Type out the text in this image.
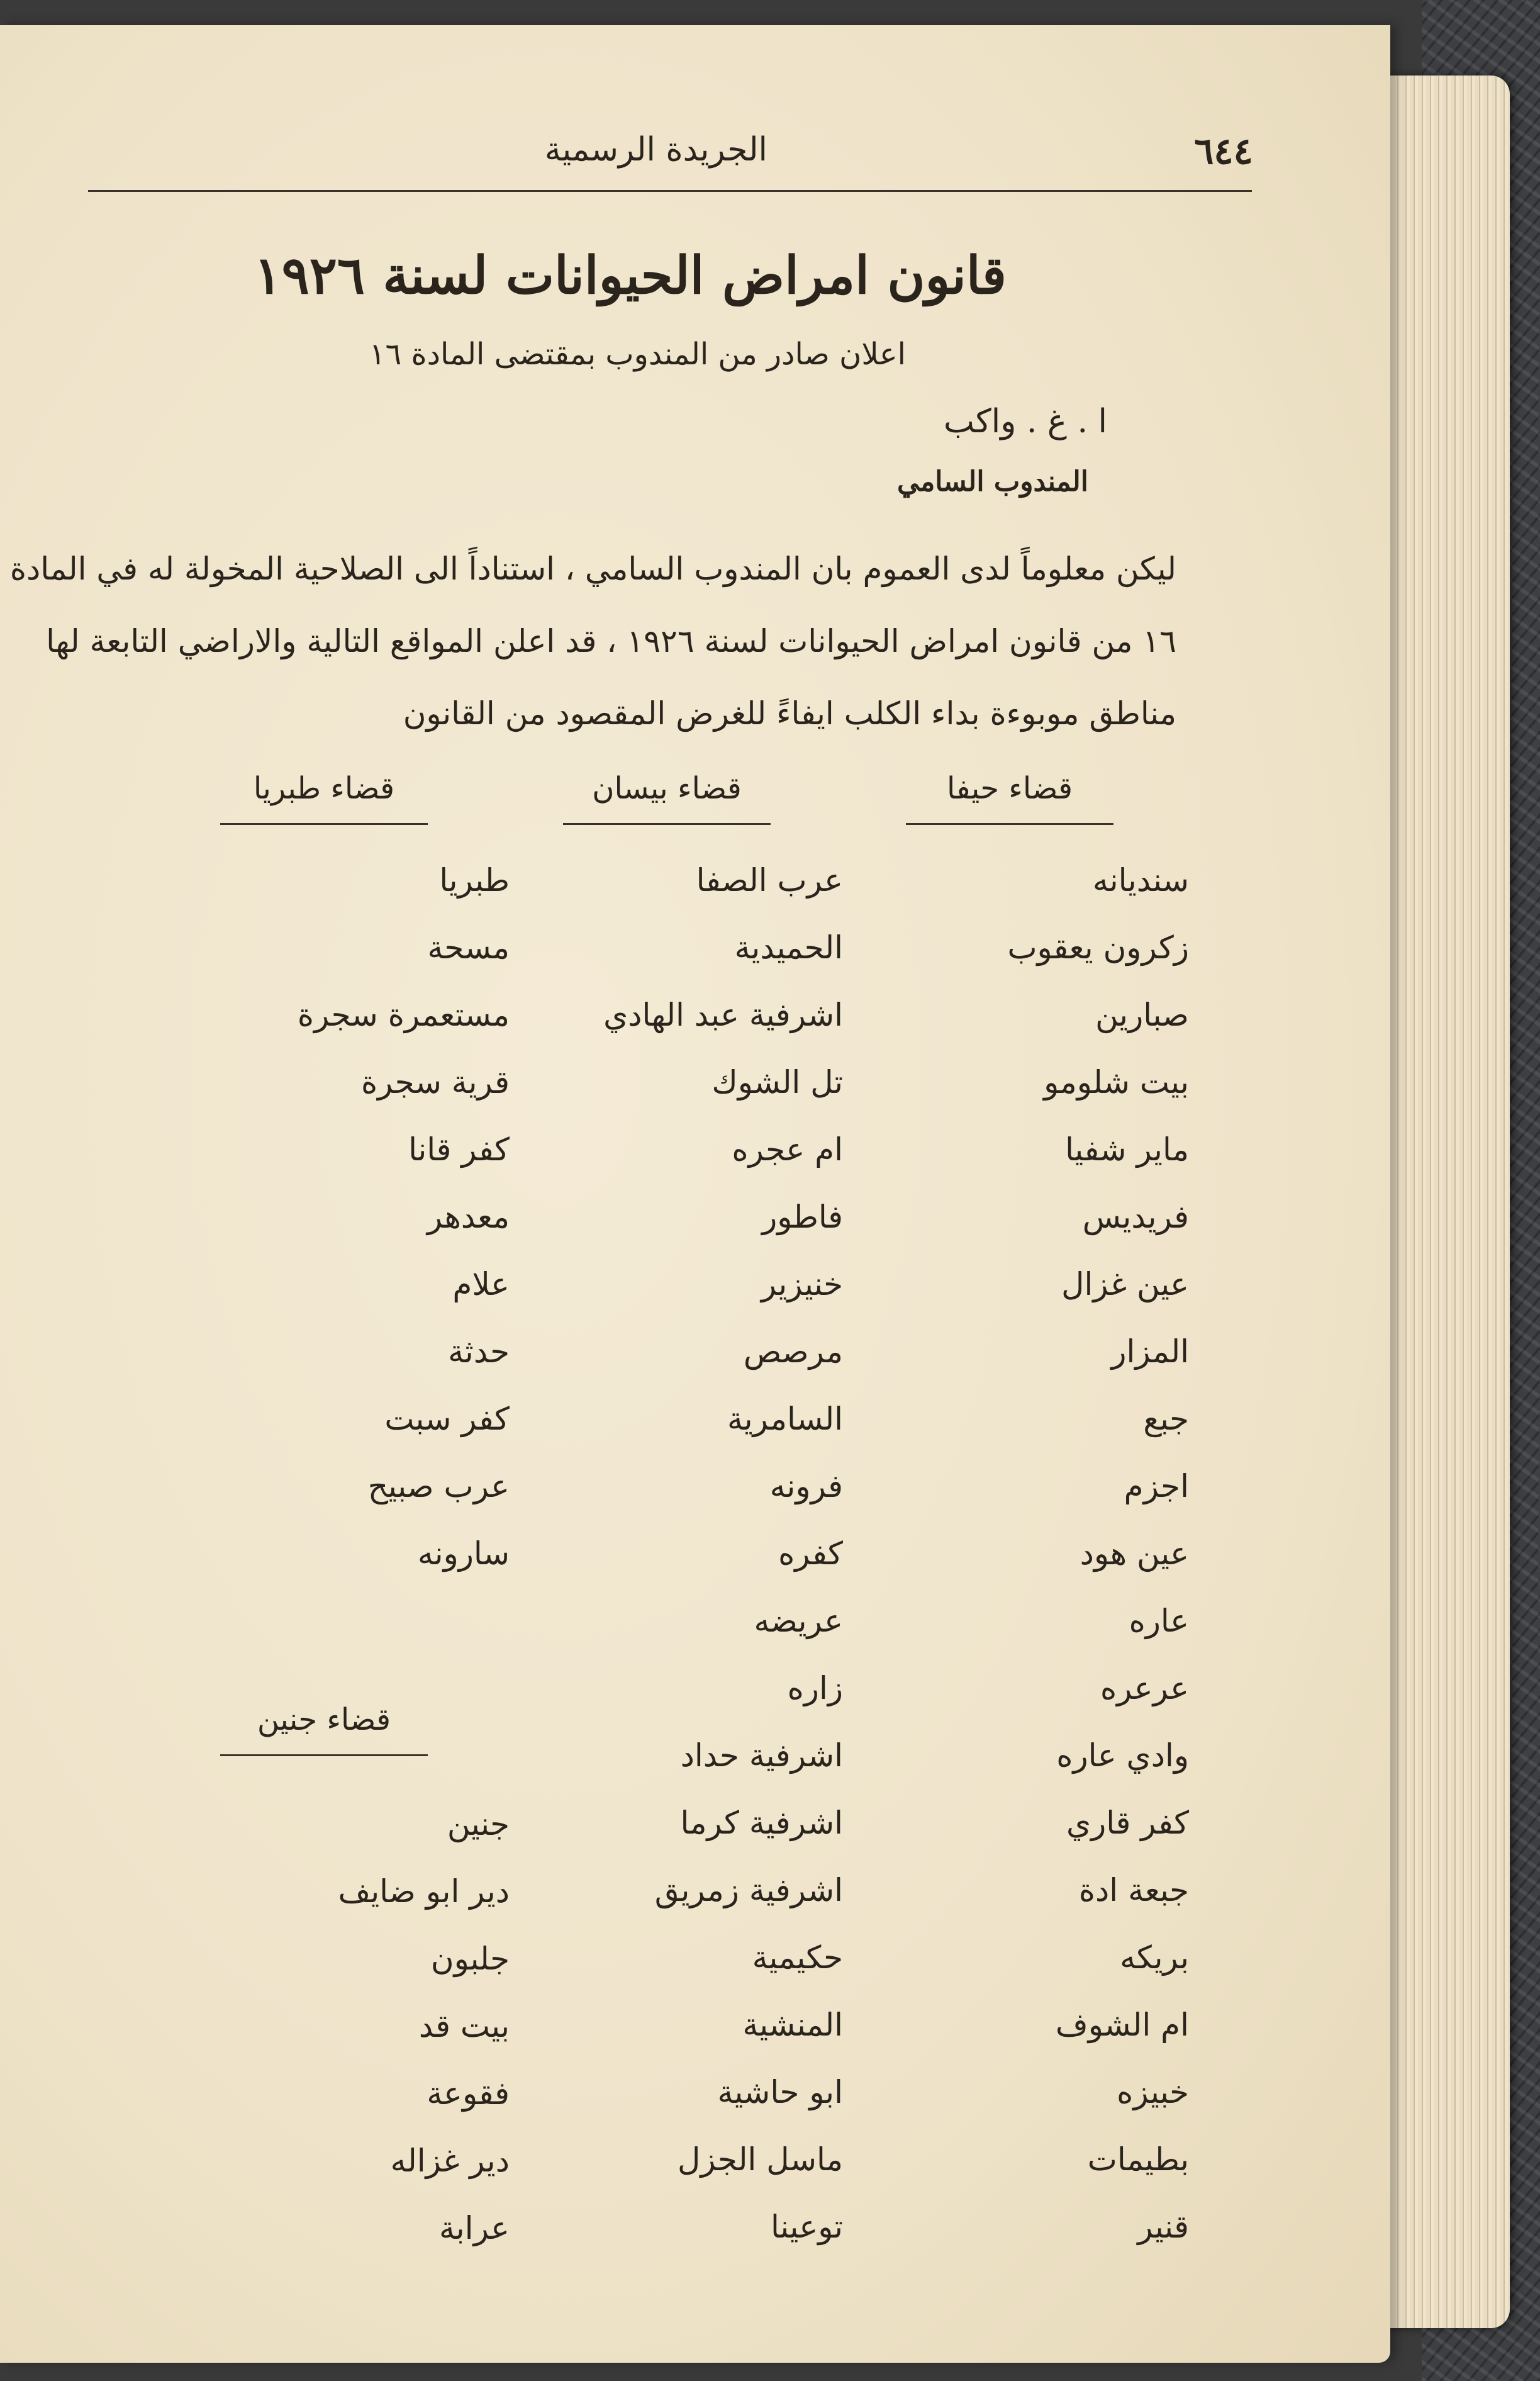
الجريدة الرسمية	٦٤٤
قانون امراض الحيوانات لسنة ١٩٢٦
اعلان صادر من المندوب بمقتضى المادة ١٦
ا . غ . واكب
المندوب السامي
ليكن معلوماً لدى العموم بان المندوب السامي ، استناداً الى الصلاحية المخولة له في المادة
١٦ من قانون امراض الحيوانات لسنة ١٩٢٦ ، قد اعلن المواقع التالية والاراضي التابعة لها
مناطق موبوءة بداء الكلب ايفاءً للغرض المقصود من القانون
قضاء حيفا
قضاء بيسان
قضاء طبريا
سنديانه
زكرون يعقوب
صبارين
بيت شلومو
ماير شفيا
فريديس
عين غزال
المزار
جبع
اجزم
عين هود
عاره
عرعره
وادي عاره
كفر قاري
جبعة ادة
بريكه
ام الشوف
خبيزه
بطيمات
قنير
عرب الصفا
الحميدية
اشرفية عبد الهادي
تل الشوك
ام عجره
فاطور
خنيزير
مرصص
السامرية
فرونه
كفره
عريضه
زاره
اشرفية حداد
اشرفية كرما
اشرفية زمريق
حكيمية
المنشية
ابو حاشية
ماسل الجزل
توعينا
طبريا
مسحة
مستعمرة سجرة
قرية سجرة
كفر قانا
معدهر
علام
حدثة
كفر سبت
عرب صبيح
سارونه
قضاء جنين
جنين
دير ابو ضايف
جلبون
بيت قد
فقوعة
دير غزاله
عرابة
